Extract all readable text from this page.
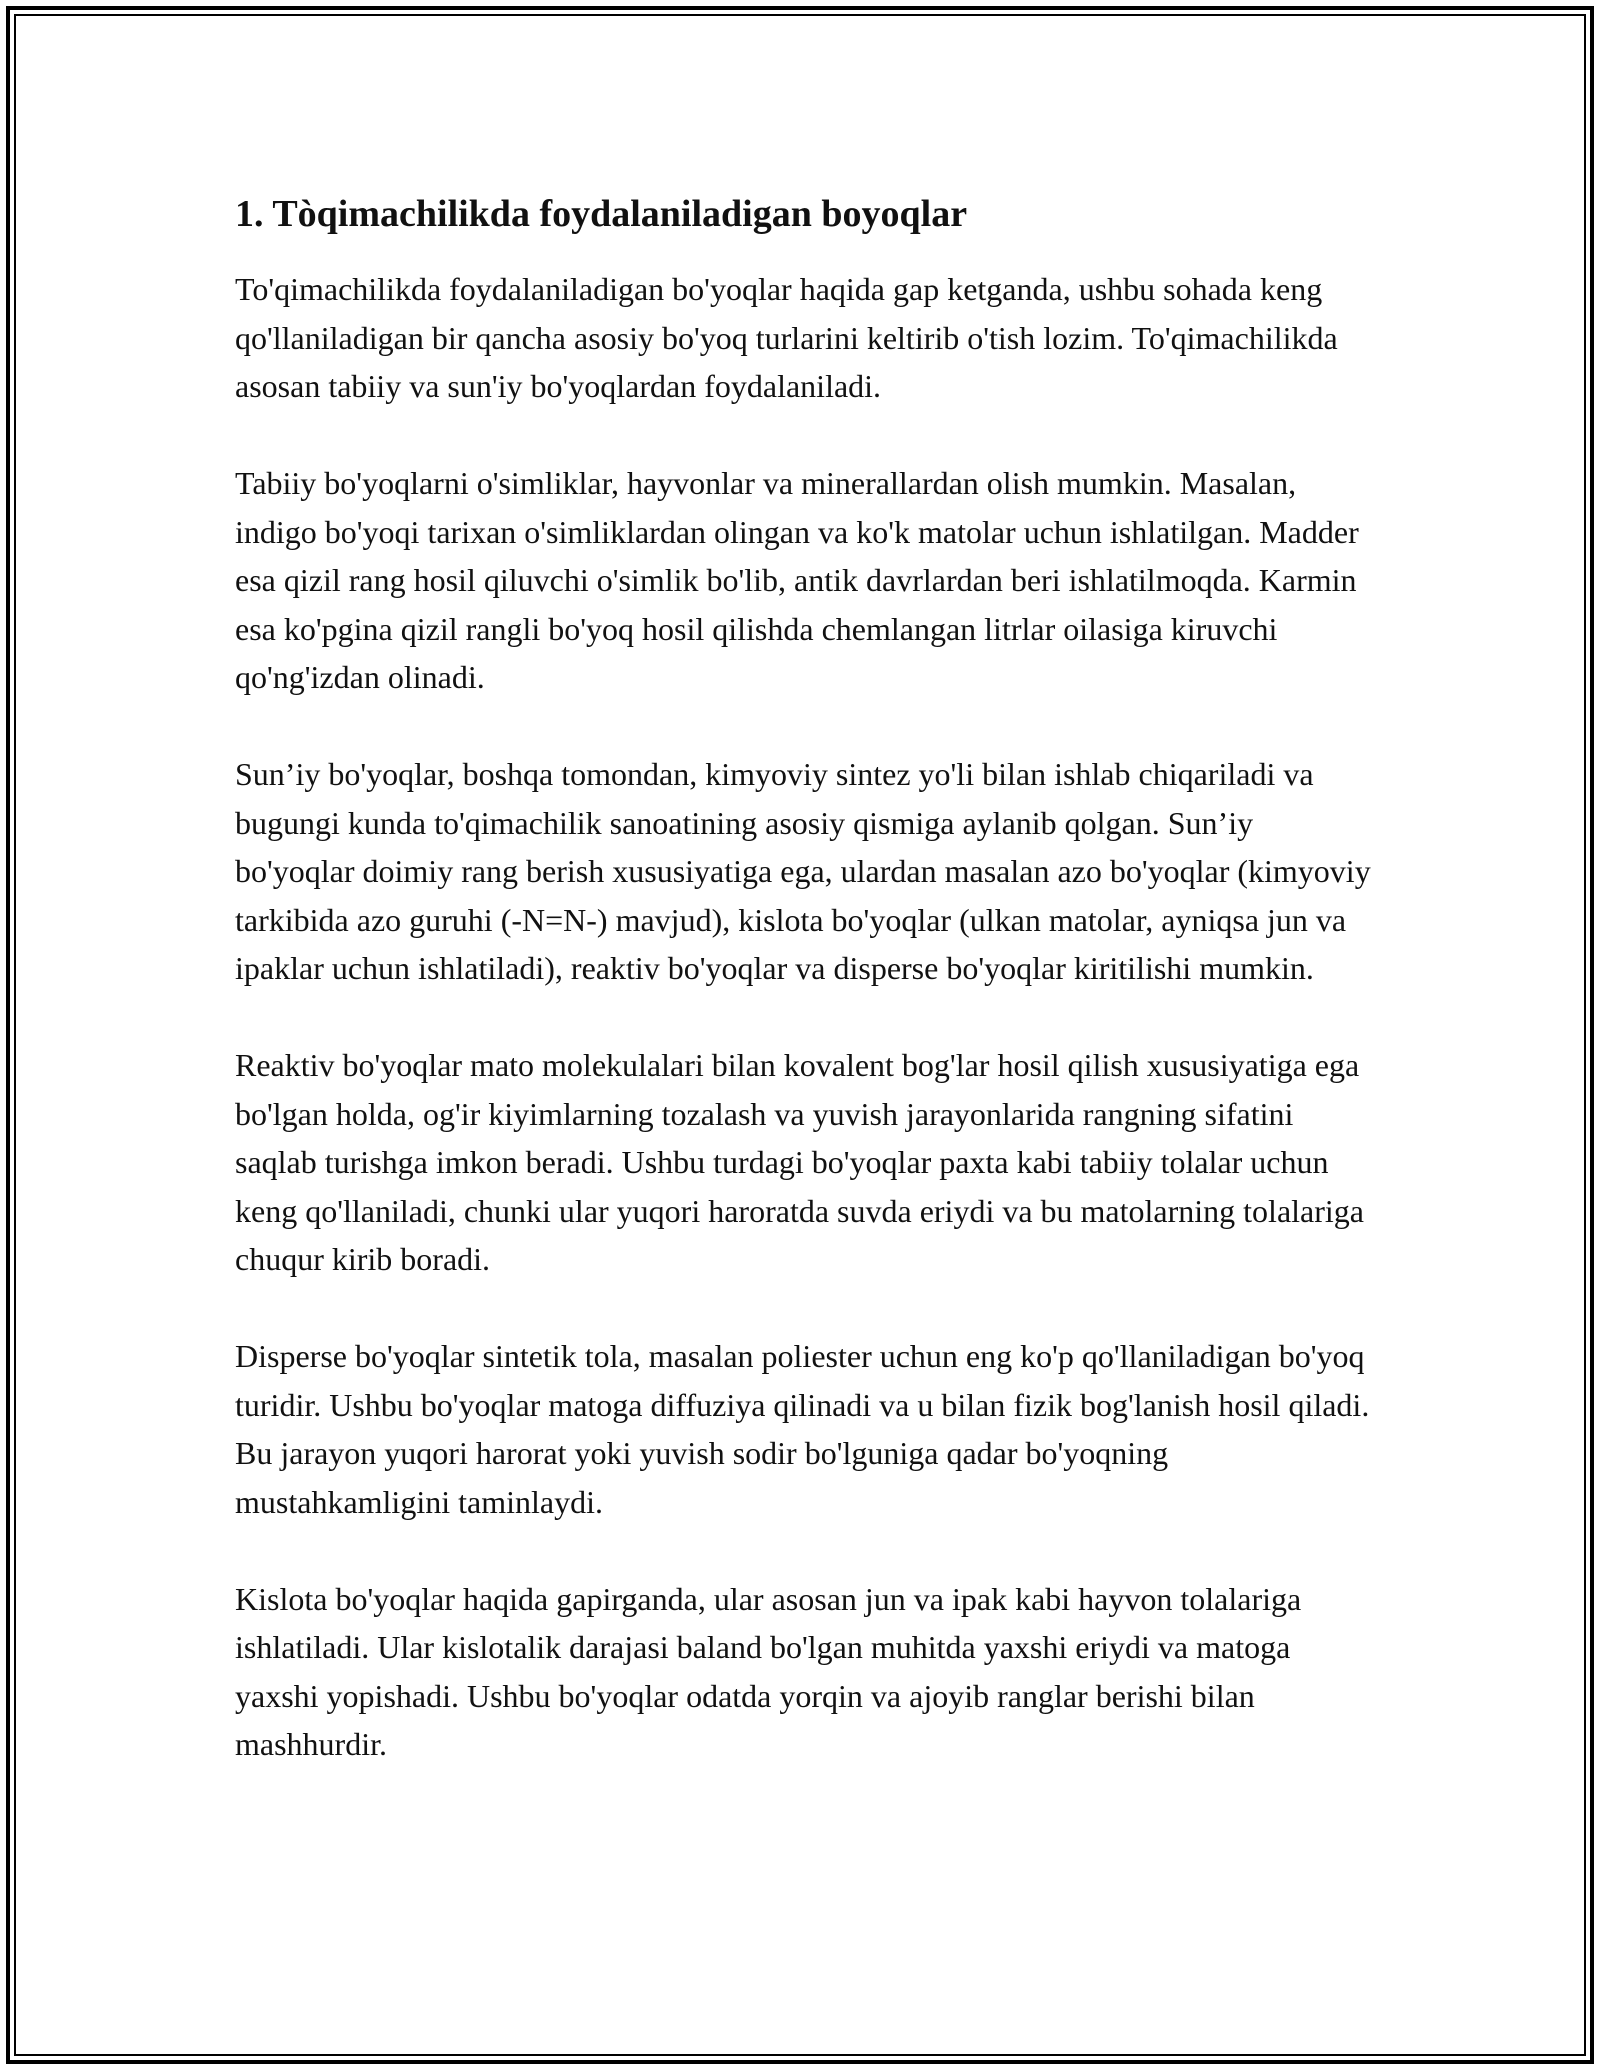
1. Tòqimachilikda foydalaniladigan boyoqlar

To'qimachilikda foydalaniladigan bo'yoqlar haqida gap ketganda, ushbu sohada keng qo'llaniladigan bir qancha asosiy bo'yoq turlarini keltirib o'tish lozim. To'qimachilikda asosan tabiiy va sun'iy bo'yoqlardan foydalaniladi.

Tabiiy bo'yoqlarni o'simliklar, hayvonlar va minerallardan olish mumkin. Masalan, indigo bo'yoqi tarixan o'simliklardan olingan va ko'k matolar uchun ishlatilgan. Madder esa qizil rang hosil qiluvchi o'simlik bo'lib, antik davrlardan beri ishlatilmoqda. Karmin esa ko'pgina qizil rangli bo'yoq hosil qilishda chemlangan litrlar oilasiga kiruvchi qo'ng'izdan olinadi.

Sun’iy bo'yoqlar, boshqa tomondan, kimyoviy sintez yo'li bilan ishlab chiqariladi va bugungi kunda to'qimachilik sanoatining asosiy qismiga aylanib qolgan. Sun’iy bo'yoqlar doimiy rang berish xususiyatiga ega, ulardan masalan azo bo'yoqlar (kimyoviy tarkibida azo guruhi (-N=N-) mavjud), kislota bo'yoqlar (ulkan matolar, ayniqsa jun va ipaklar uchun ishlatiladi), reaktiv bo'yoqlar va disperse bo'yoqlar kiritilishi mumkin.

Reaktiv bo'yoqlar mato molekulalari bilan kovalent bog'lar hosil qilish xususiyatiga ega bo'lgan holda, og'ir kiyimlarning tozalash va yuvish jarayonlarida rangning sifatini saqlab turishga imkon beradi. Ushbu turdagi bo'yoqlar paxta kabi tabiiy tolalar uchun keng qo'llaniladi, chunki ular yuqori haroratda suvda eriydi va bu matolarning tolalariga chuqur kirib boradi.

Disperse bo'yoqlar sintetik tola, masalan poliester uchun eng ko'p qo'llaniladigan bo'yoq turidir. Ushbu bo'yoqlar matoga diffuziya qilinadi va u bilan fizik bog'lanish hosil qiladi. Bu jarayon yuqori harorat yoki yuvish sodir bo'lguniga qadar bo'yoqning mustahkamligini taminlaydi.

Kislota bo'yoqlar haqida gapirganda, ular asosan jun va ipak kabi hayvon tolalariga ishlatiladi. Ular kislotalik darajasi baland bo'lgan muhitda yaxshi eriydi va matoga yaxshi yopishadi. Ushbu bo'yoqlar odatda yorqin va ajoyib ranglar berishi bilan mashhurdir.
